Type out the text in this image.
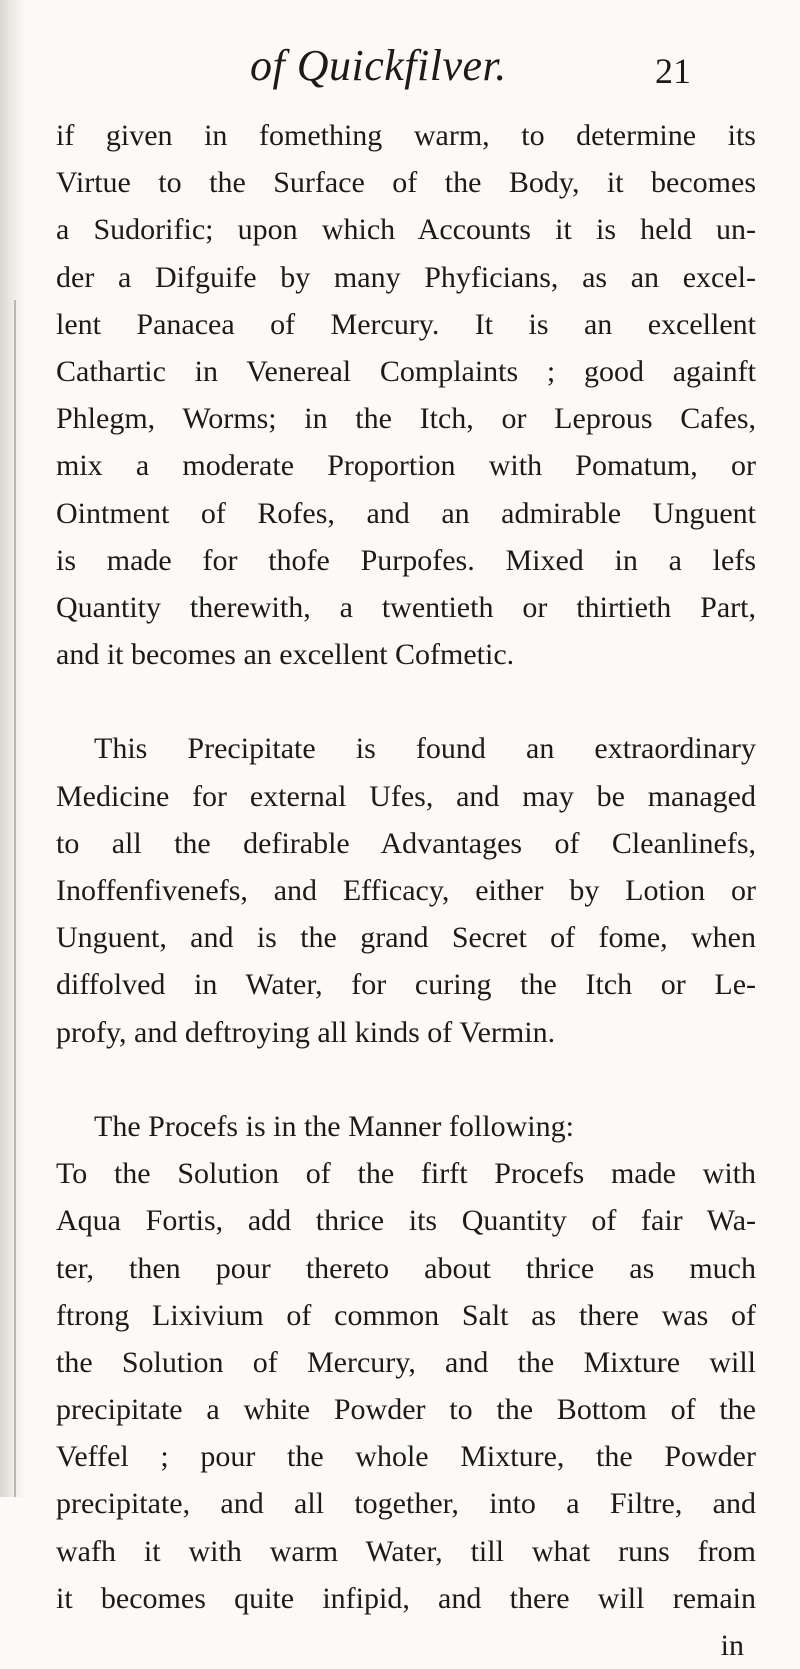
of Quickfilver.	21
if given in fomething warm, to determine its
Virtue to the Surface of the Body, it becomes
a Sudorific; upon which Accounts it is held un-
der a Difguife by many Phyficians, as an excel-
lent Panacea of Mercury. It is an excellent
Cathartic in Venereal Complaints ; good againft
Phlegm, Worms; in the Itch, or Leprous Cafes,
mix a moderate Proportion with Pomatum, or
Ointment of Rofes, and an admirable Unguent
is made for thofe Purpofes. Mixed in a lefs
Quantity therewith, a twentieth or thirtieth Part,
and it becomes an excellent Cofmetic.
This Precipitate is found an extraordinary
Medicine for external Ufes, and may be managed
to all the defirable Advantages of Cleanlinefs,
Inoffenfivenefs, and Efficacy, either by Lotion or
Unguent, and is the grand Secret of fome, when
diffolved in Water, for curing the Itch or Le-
profy, and deftroying all kinds of Vermin.
The Procefs is in the Manner following:
To the Solution of the firft Procefs made with
Aqua Fortis, add thrice its Quantity of fair Wa-
ter, then pour thereto about thrice as much
ftrong Lixivium of common Salt as there was of
the Solution of Mercury, and the Mixture will
precipitate a white Powder to the Bottom of the
Veffel ; pour the whole Mixture, the Powder
precipitate, and all together, into a Filtre, and
wafh it with warm Water, till what runs from
it becomes quite infipid, and there will remain
in
